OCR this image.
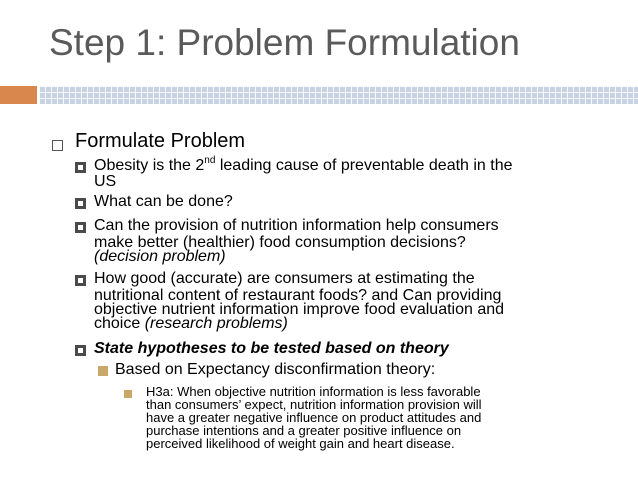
Step 1: Problem Formulation
Formulate Problem
Obesity is the 2nd leading cause of preventable death in the
US
What can be done?
Can the provision of nutrition information help consumers
make better (healthier) food consumption decisions?
(decision problem)
How good (accurate) are consumers at estimating the
nutritional content of restaurant foods? and Can providing
objective nutrient information improve food evaluation and
choice (research problems)
State hypotheses to be tested based on theory
Based on Expectancy disconfirmation theory:
H3a: When objective nutrition information is less favorable
than consumers’ expect, nutrition information provision will
have a greater negative influence on product attitudes and
purchase intentions and a greater positive influence on
perceived likelihood of weight gain and heart disease.
